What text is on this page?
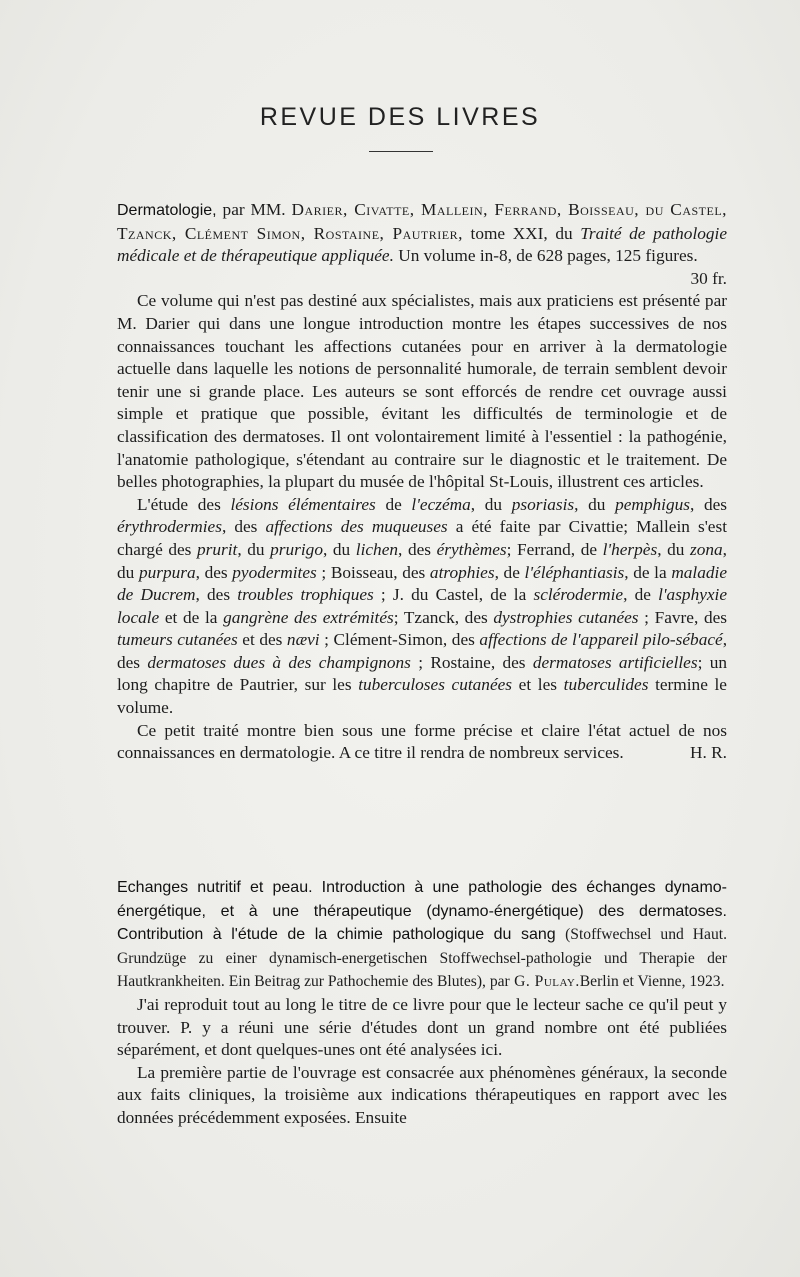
REVUE DES LIVRES

Dermatologie, par MM. Darier, Civatte, Mallein, Ferrand, Boisseau, du Castel, Tzanck, Clément Simon, Rostaine, Pautrier, tome XXI, du Traité de pathologie médicale et de thérapeutique appliquée. Un volume in-8, de 628 pages, 125 figures.
30 fr.

Ce volume qui n'est pas destiné aux spécialistes, mais aux praticiens est présenté par M. Darier qui dans une longue introduction montre les étapes successives de nos connaissances touchant les affections cutanées pour en arriver à la dermatologie actuelle dans laquelle les notions de personnalité humorale, de terrain semblent devoir tenir une si grande place. Les auteurs se sont efforcés de rendre cet ouvrage aussi simple et pratique que possible, évitant les difficultés de terminologie et de classification des dermatoses. Il ont volontairement limité à l'essentiel : la pathogénie, l'anatomie pathologique, s'étendant au contraire sur le diagnostic et le traitement. De belles photographies, la plupart du musée de l'hôpital St-Louis, illustrent ces articles.

L'étude des lésions élémentaires de l'eczéma, du psoriasis, du pemphigus, des érythrodermies, des affections des muqueuses a été faite par Civattie; Mallein s'est chargé des prurit, du prurigo, du lichen, des érythèmes; Ferrand, de l'herpès, du zona, du purpura, des pyodermites ; Boisseau, des atrophies, de l'éléphantiasis, de la maladie de Ducrem, des troubles trophiques ; J. du Castel, de la sclérodermie, de l'asphyxie locale et de la gangrène des extrémités; Tzanck, des dystrophies cutanées ; Favre, des tumeurs cutanées et des nævi ; Clément-Simon, des affections de l'appareil pilo-sébacé, des dermatoses dues à des champignons ; Rostaine, des dermatoses artificielles; un long chapitre de Pautrier, sur les tuberculoses cutanées et les tuberculides termine le volume.

Ce petit traité montre bien sous une forme précise et claire l'état actuel de nos connaissances en dermatologie. A ce titre il rendra de nombreux services.	H. R.

Echanges nutritif et peau. Introduction à une pathologie des échanges dynamo-énergétique, et à une thérapeutique (dynamo-énergétique) des dermatoses. Contribution à l'étude de la chimie pathologique du sang (Stoffwechsel und Haut. Grundzüge zu einer dynamisch-energetischen Stoffwechsel-pathologie und Therapie der Hautkrankheiten. Ein Beitrag zur Pathochemie des Blutes), par G. Pulay.Berlin et Vienne, 1923.

J'ai reproduit tout au long le titre de ce livre pour que le lecteur sache ce qu'il peut y trouver. P. y a réuni une série d'études dont un grand nombre ont été publiées séparément, et dont quelques-unes ont été analysées ici.

La première partie de l'ouvrage est consacrée aux phénomènes généraux, la seconde aux faits cliniques, la troisième aux indications thérapeutiques en rapport avec les données précédemment exposées. Ensuite
